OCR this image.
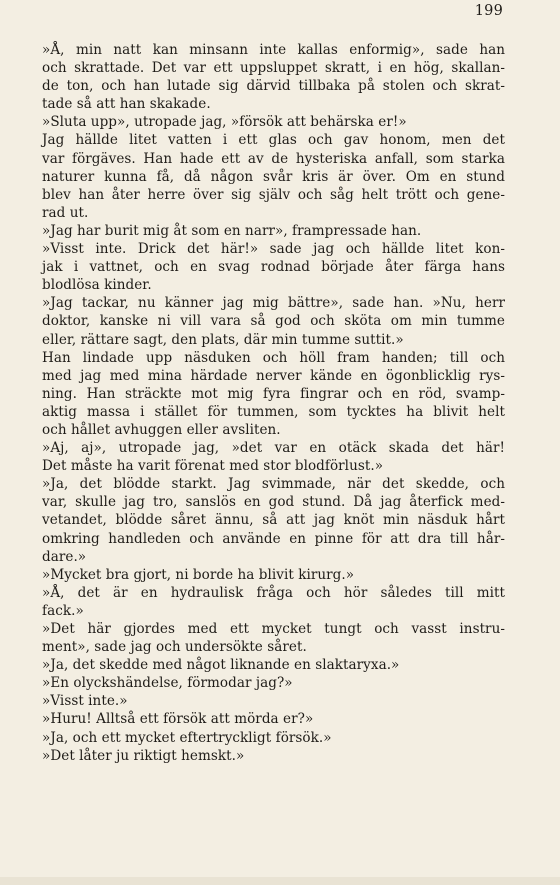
199
»Å, min natt kan minsann inte kallas enformig», sade han
och skrattade. Det var ett uppsluppet skratt, i en hög, skallan-
de ton, och han lutade sig därvid tillbaka på stolen och skrat-
tade så att han skakade.
»Sluta upp», utropade jag, »försök att behärska er!»
Jag hällde litet vatten i ett glas och gav honom, men det
var förgäves. Han hade ett av de hysteriska anfall, som starka
naturer kunna få, då någon svår kris är över. Om en stund
blev han åter herre över sig själv och såg helt trött och gene-
rad ut.
»Jag har burit mig åt som en narr», frampressade han.
»Visst inte. Drick det här!» sade jag och hällde litet kon-
jak i vattnet, och en svag rodnad började åter färga hans
blodlösa kinder.
»Jag tackar, nu känner jag mig bättre», sade han. »Nu, herr
doktor, kanske ni vill vara så god och sköta om min tumme
eller, rättare sagt, den plats, där min tumme suttit.»
Han lindade upp näsduken och höll fram handen; till och
med jag med mina härdade nerver kände en ögonblicklig rys-
ning. Han sträckte mot mig fyra fingrar och en röd, svamp-
aktig massa i stället för tummen, som tycktes ha blivit helt
och hållet avhuggen eller avsliten.
»Aj, aj», utropade jag, »det var en otäck skada det här!
Det måste ha varit förenat med stor blodförlust.»
»Ja, det blödde starkt. Jag svimmade, när det skedde, och
var, skulle jag tro, sanslös en god stund. Då jag återfick med-
vetandet, blödde såret ännu, så att jag knöt min näsduk hårt
omkring handleden och använde en pinne för att dra till hår-
dare.»
»Mycket bra gjort, ni borde ha blivit kirurg.»
»Å, det är en hydraulisk fråga och hör således till mitt
fack.»
»Det här gjordes med ett mycket tungt och vasst instru-
ment», sade jag och undersökte såret.
»Ja, det skedde med något liknande en slaktaryxa.»
»En olyckshändelse, förmodar jag?»
»Visst inte.»
»Huru! Alltså ett försök att mörda er?»
»Ja, och ett mycket eftertryckligt försök.»
»Det låter ju riktigt hemskt.»
